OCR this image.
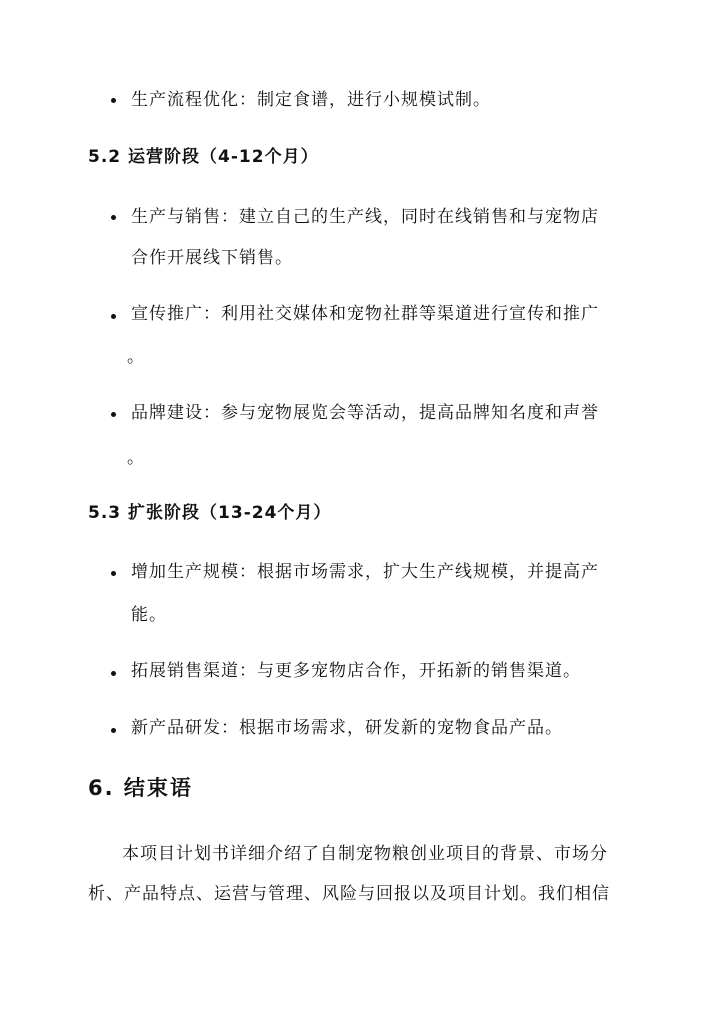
生产流程优化：制定食谱，进行小规模试制。
5.2 运营阶段（4-12个月）
生产与销售：建立自己的生产线，同时在线销售和与宠物店
合作开展线下销售。
宣传推广：利用社交媒体和宠物社群等渠道进行宣传和推广
。
品牌建设：参与宠物展览会等活动，提高品牌知名度和声誉
。
5.3 扩张阶段（13-24个月）
增加生产规模：根据市场需求，扩大生产线规模，并提高产
能。
拓展销售渠道：与更多宠物店合作，开拓新的销售渠道。
新产品研发：根据市场需求，研发新的宠物食品产品。
6. 结束语
本项目计划书详细介绍了自制宠物粮创业项目的背景、市场分
析、产品特点、运营与管理、风险与回报以及项目计划。我们相信
